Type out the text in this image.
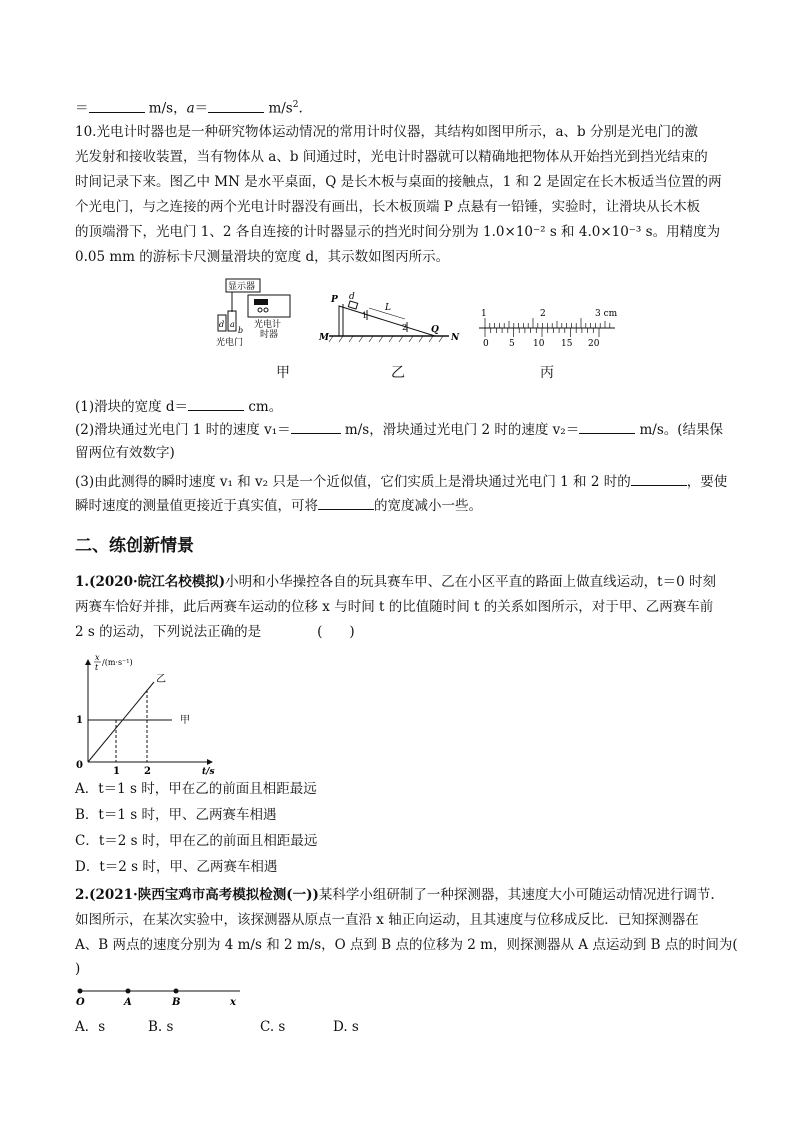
＝	m/s，a＝	$m/s^2$.
10.光电计时器也是一种研究物体运动情况的常用计时仪器，其结构如图甲所示，a、b 分别是光电门的激
光发射和接收装置，当有物体从 a、b 间通过时，光电计时器就可以精确地把物体从开始挡光到挡光结束的
时间记录下来。图乙中 MN 是水平桌面，Q 是长木板与桌面的接触点，1 和 2 是固定在长木板适当位置的两
个光电门，与之连接的两个光电计时器没有画出，长木板顶端 P 点悬有一铅锤，实验时，让滑块从长木板
的顶端滑下，光电门 1、2 各自连接的计时器显示的挡光时间分别为 1.0×10⁻² s 和 4.0×10⁻³ s。用精度为
0.05 mm 的游标卡尺测量滑块的宽度 d，其示数如图丙所示。
显示器
d a
b
光电计
时器
光电门
P d
L
1
2
M
Q
N
1	2	3 cm
0 5 10 15 20
甲	乙	丙
(1)滑块的宽度 d＝	cm。
(2)滑块通过光电门 1 时的速度 v₁＝	m/s，滑块通过光电门 2 时的速度 v₂＝	m/s。(结果保
留两位有效数字)
(3)由此测得的瞬时速度 v₁ 和 v₂ 只是一个近似值，它们实质上是滑块通过光电门 1 和 2 时的	，要使
瞬时速度的测量值更接近于真实值，可将	的宽度减小一些。
二、练创新情景
1.(2020·皖江名校模拟)小明和小华操控各自的玩具赛车甲、乙在小区平直的路面上做直线运动，t＝0 时刻
两赛车恰好并排，此后两赛车运动的位移 x 与时间 t 的比值随时间 t 的关系如图所示，对于甲、乙两赛车前
2 s 的运动，下列说法正确的是	(　　)
x
t
/(m·s⁻¹)
乙
甲
1
0
1 2	t/s
A．t＝1 s 时，甲在乙的前面且相距最远
B．t＝1 s 时，甲、乙两赛车相遇
C．t＝2 s 时，甲在乙的前面且相距最远
D．t＝2 s 时，甲、乙两赛车相遇
2.(2021·陕西宝鸡市高考模拟检测(一))某科学小组研制了一种探测器，其速度大小可随运动情况进行调节.
如图所示，在某次实验中，该探测器从原点一直沿 x 轴正向运动，且其速度与位移成反比．已知探测器在
A、B 两点的速度分别为 4 m/s 和 2 m/s，O 点到 B 点的位移为 2 m，则探测器从 A 点运动到 B 点的时间为(
)
O	A	B	x
A．s	B. s	C. s	D. s
